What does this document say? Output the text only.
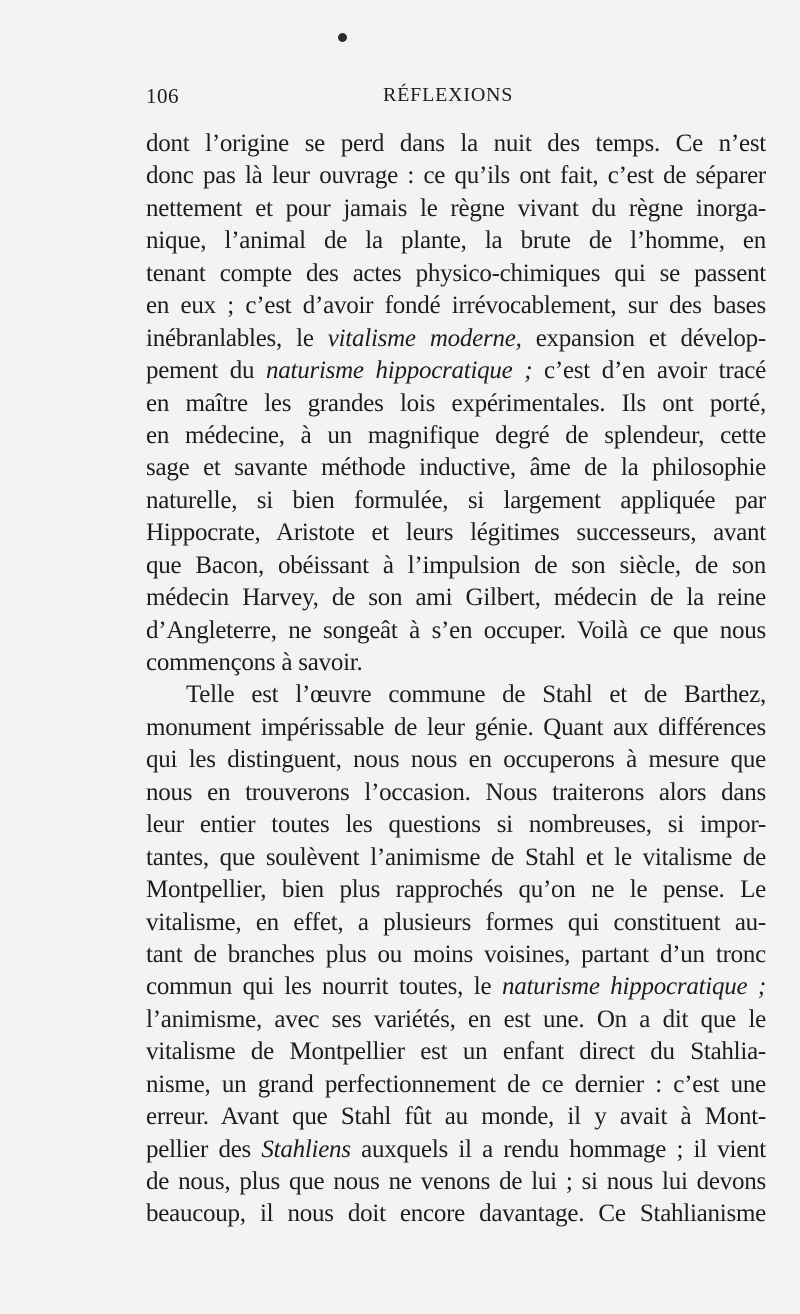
106	RÉFLEXIONS
dont l’origine se perd dans la nuit des temps. Ce n’est
donc pas là leur ouvrage : ce qu’ils ont fait, c’est de séparer
nettement et pour jamais le règne vivant du règne inorga-
nique, l’animal de la plante, la brute de l’homme, en
tenant compte des actes physico-chimiques qui se passent
en eux ; c’est d’avoir fondé irrévocablement, sur des bases
inébranlables, le vitalisme moderne, expansion et dévelop-
pement du naturisme hippocratique ; c’est d’en avoir tracé
en maître les grandes lois expérimentales. Ils ont porté,
en médecine, à un magnifique degré de splendeur, cette
sage et savante méthode inductive, âme de la philosophie
naturelle, si bien formulée, si largement appliquée par
Hippocrate, Aristote et leurs légitimes successeurs, avant
que Bacon, obéissant à l’impulsion de son siècle, de son
médecin Harvey, de son ami Gilbert, médecin de la reine
d’Angleterre, ne songeât à s’en occuper. Voilà ce que nous
commençons à savoir.
Telle est l’œuvre commune de Stahl et de Barthez,
monument impérissable de leur génie. Quant aux différences
qui les distinguent, nous nous en occuperons à mesure que
nous en trouverons l’occasion. Nous traiterons alors dans
leur entier toutes les questions si nombreuses, si impor-
tantes, que soulèvent l’animisme de Stahl et le vitalisme de
Montpellier, bien plus rapprochés qu’on ne le pense. Le
vitalisme, en effet, a plusieurs formes qui constituent au-
tant de branches plus ou moins voisines, partant d’un tronc
commun qui les nourrit toutes, le naturisme hippocratique ;
l’animisme, avec ses variétés, en est une. On a dit que le
vitalisme de Montpellier est un enfant direct du Stahlia-
nisme, un grand perfectionnement de ce dernier : c’est une
erreur. Avant que Stahl fût au monde, il y avait à Mont-
pellier des Stahliens auxquels il a rendu hommage ; il vient
de nous, plus que nous ne venons de lui ; si nous lui devons
beaucoup, il nous doit encore davantage. Ce Stahlianisme
